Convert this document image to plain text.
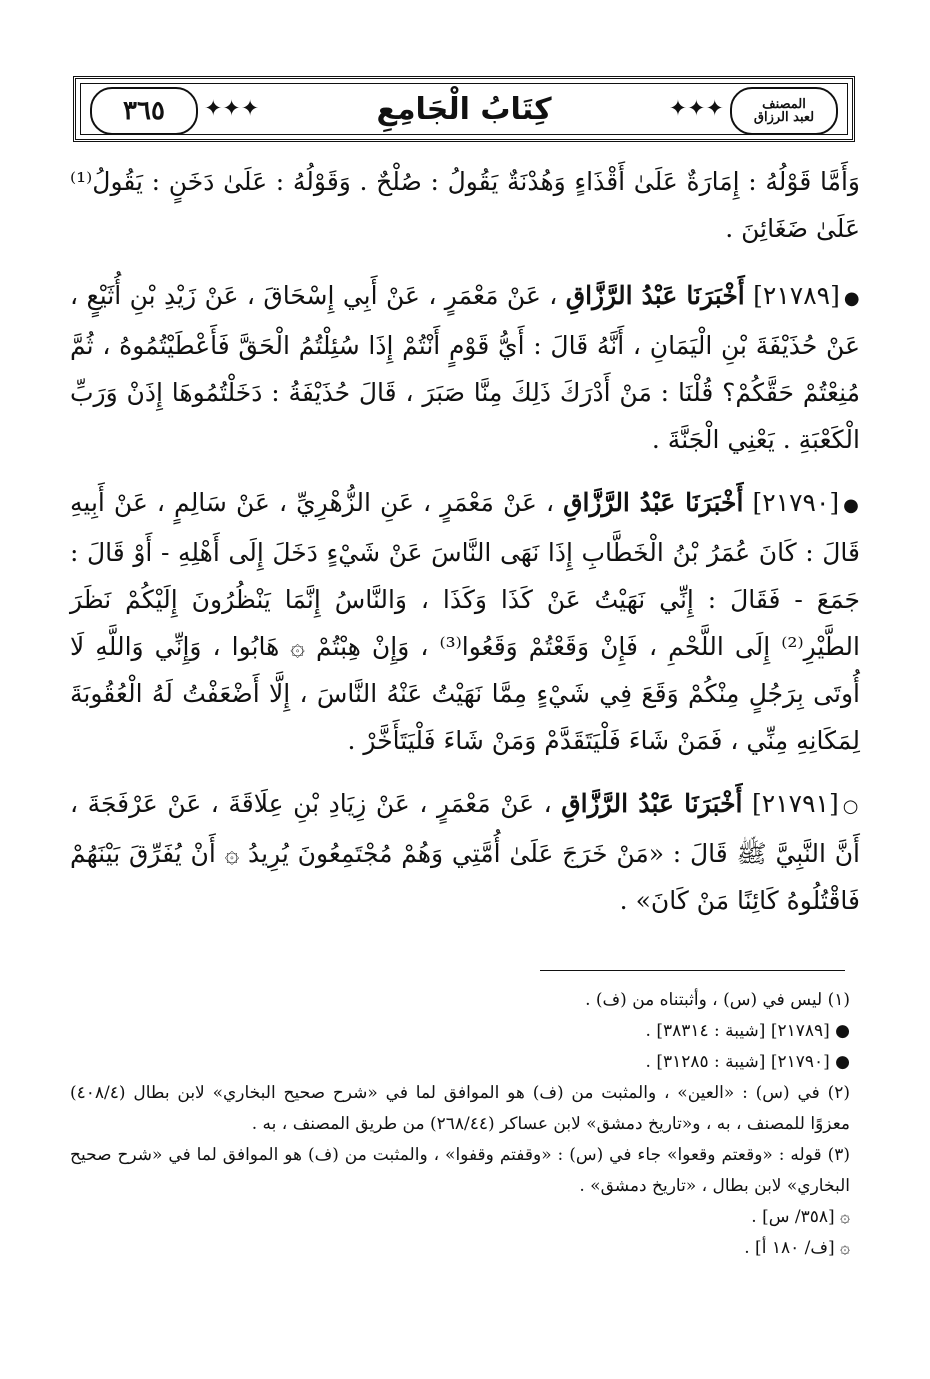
٣٦٥ ✦✦✦	كِتَابُ الْجَامِعِ	✦✦✦	المصنف
لعبد الرزاق

وَأَمَّا قَوْلُهُ : إِمَارَةٌ عَلَىٰ أَقْذَاءٍ وَهُدْنَةٌ يَقُولُ : صُلْحٌ . وَقَوْلُهُ : عَلَىٰ دَخَنٍ : يَقُولُ⁽¹⁾ عَلَىٰ ضَغَائِنَ .

●[٢١٧٨٩] أَخْبَرَنَا عَبْدُ الرَّزَّاقِ ، عَنْ مَعْمَرٍ ، عَنْ أَبِي إِسْحَاقَ ، عَنْ زَيْدِ بْنِ أُثَيْعٍ ، عَنْ حُذَيْفَةَ بْنِ الْيَمَانِ ، أَنَّهُ قَالَ : أَيُّ قَوْمٍ أَنْتُمْ إِذَا سُئِلْتُمُ الْحَقَّ فَأَعْطَيْتُمُوهُ ، ثُمَّ مُنِعْتُمْ حَقَّكُمْ؟ قُلْنَا : مَنْ أَدْرَكَ ذَلِكَ مِنَّا صَبَرَ ، قَالَ حُذَيْفَةُ : دَخَلْتُمُوهَا إِذَنْ وَرَبِّ الْكَعْبَةِ . يَعْنِي الْجَنَّةَ .

●[٢١٧٩٠] أَخْبَرَنَا عَبْدُ الرَّزَّاقِ ، عَنْ مَعْمَرٍ ، عَنِ الزُّهْرِيِّ ، عَنْ سَالِمٍ ، عَنْ أَبِيهِ قَالَ : كَانَ عُمَرُ بْنُ الْخَطَّابِ إِذَا نَهَى النَّاسَ عَنْ شَيْءٍ دَخَلَ إِلَى أَهْلِهِ - أَوْ قَالَ : جَمَعَ - فَقَالَ : إِنِّي نَهَيْتُ عَنْ كَذَا وَكَذَا ، وَالنَّاسُ إِنَّمَا يَنْظُرُونَ إِلَيْكُمْ نَظَرَ الطَّيْرِ⁽²⁾ إِلَى اللَّحْمِ ، فَإِنْ وَقَعْتُمْ وَقَعُوا⁽³⁾ ، وَإِنْ هِبْتُمْ ۞ هَابُوا ، وَإِنِّي وَاللَّهِ لَا أُوتَى بِرَجُلٍ مِنْكُمْ وَقَعَ فِي شَيْءٍ مِمَّا نَهَيْتُ عَنْهُ النَّاسَ ، إِلَّا أَضْعَفْتُ لَهُ الْعُقُوبَةَ لِمَكَانِهِ مِنِّي ، فَمَنْ شَاءَ فَلْيَتَقَدَّمْ وَمَنْ شَاءَ فَلْيَتَأَخَّرْ .

○[٢١٧٩١] أَخْبَرَنَا عَبْدُ الرَّزَّاقِ ، عَنْ مَعْمَرٍ ، عَنْ زِيَادِ بْنِ عِلَاقَةَ ، عَنْ عَرْفَجَةَ ، أَنَّ النَّبِيَّ ﷺ قَالَ : «مَنْ خَرَجَ عَلَىٰ أُمَّتِي وَهُمْ مُجْتَمِعُونَ يُرِيدُ ۞ أَنْ يُفَرِّقَ بَيْنَهُمْ فَاقْتُلُوهُ كَائِنًا مَنْ كَانَ» .

(١) ليس في (س) ، وأثبتناه من (ف) .

● [٢١٧٨٩] [شيبة : ٣٨٣١٤] .

● [٢١٧٩٠] [شيبة : ٣١٢٨٥] .

(٢) في (س) : «العين» ، والمثبت من (ف) هو الموافق لما في «شرح صحيح البخاري» لابن بطال (٤٠٨/٤) معزوًا للمصنف ، به ، و«تاريخ دمشق» لابن عساكر (٢٦٨/٤٤) من طريق المصنف ، به .

(٣) قوله : «وقعتم وقعوا» جاء في (س) : «وقفتم وقفوا» ، والمثبت من (ف) هو الموافق لما في «شرح صحيح البخاري» لابن بطال ، «تاريخ دمشق» .

۞ [٣٥٨/ س] .

۞ [ف/ ١٨٠ أ] .
